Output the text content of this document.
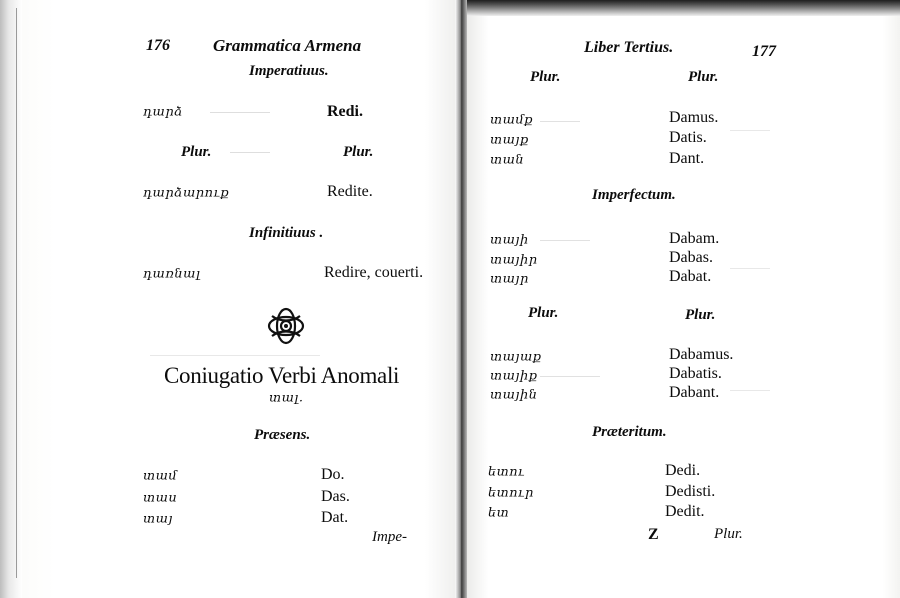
176	Grammatica Armena
Imperatiuus.
դարձ	Redi.
Plur.	Plur.
դարձարուք	Redite.
Infinitiuus .
դառնալ	Redire, couerti.
Coniugatio Verbi Anomali
տալ.
Præsens.
տամ	Do.
տաս	Das.
տայ	Dat.
Impe-
Liber Tertius.	177
Plur.	Plur.
տամք	Damus.
տայք	Datis.
տան	Dant.
Imperfectum.
տայի	Dabam.
տայիր	Dabas.
տայր	Dabat.
Plur.	Plur.
տայաք	Dabamus.
տայիք	Dabatis.
տային	Dabant.
Præteritum.
ետու	Dedi.
ետուր	Dedisti.
ետ	Dedit.
Z	Plur.
